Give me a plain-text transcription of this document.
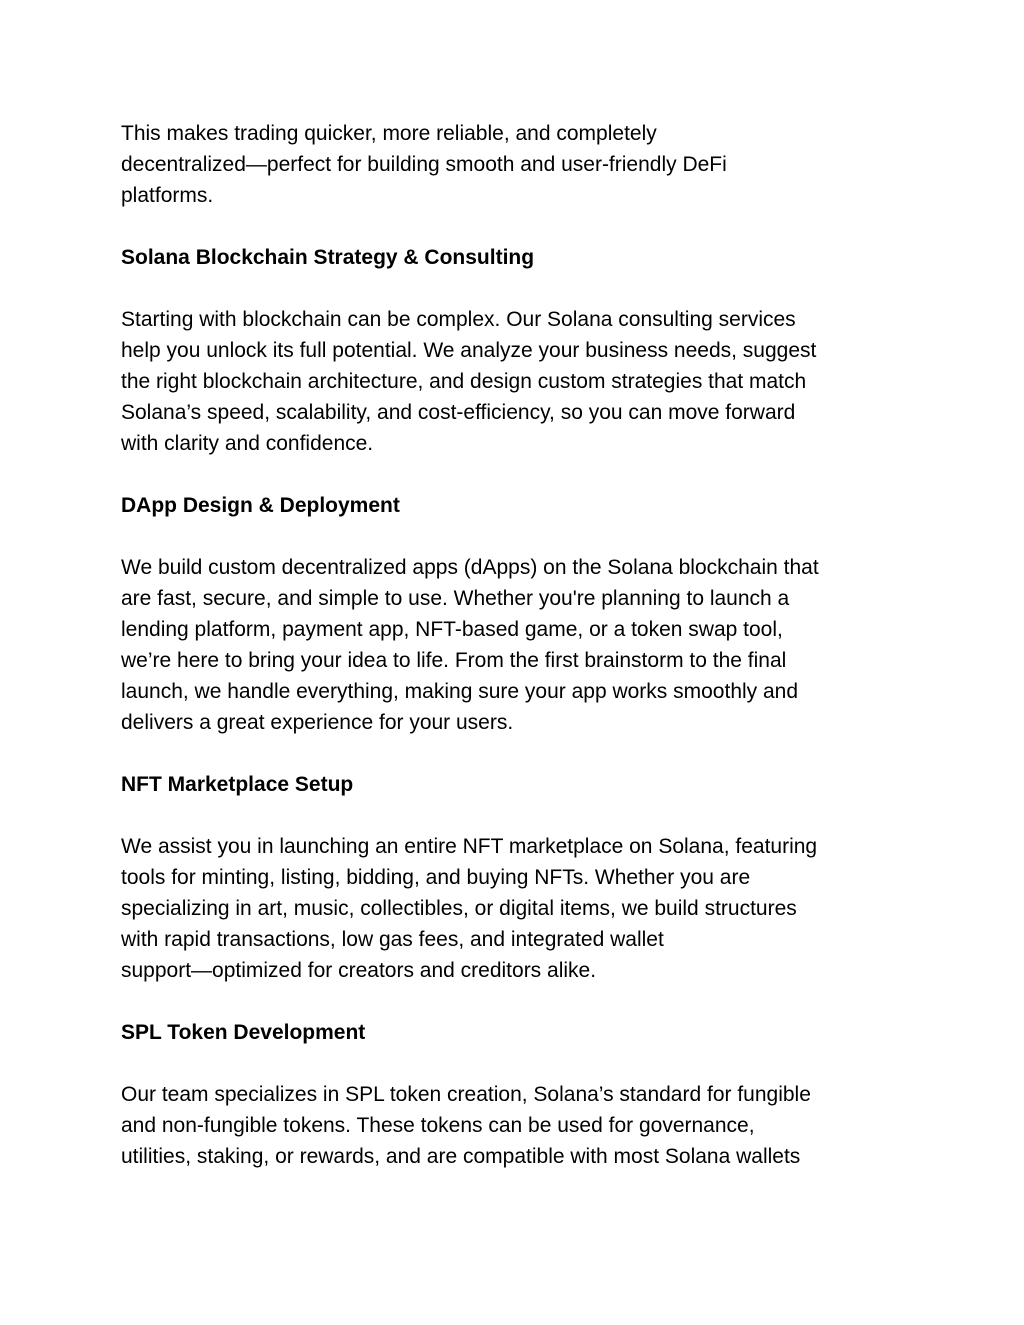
This makes trading quicker, more reliable, and completely
decentralized—perfect for building smooth and user-friendly DeFi
platforms.
Solana Blockchain Strategy & Consulting
Starting with blockchain can be complex. Our Solana consulting services
help you unlock its full potential. We analyze your business needs, suggest
the right blockchain architecture, and design custom strategies that match
Solana’s speed, scalability, and cost-efficiency, so you can move forward
with clarity and confidence.
DApp Design & Deployment
We build custom decentralized apps (dApps) on the Solana blockchain that
are fast, secure, and simple to use. Whether you're planning to launch a
lending platform, payment app, NFT-based game, or a token swap tool,
we’re here to bring your idea to life. From the first brainstorm to the final
launch, we handle everything, making sure your app works smoothly and
delivers a great experience for your users.
NFT Marketplace Setup
We assist you in launching an entire NFT marketplace on Solana, featuring
tools for minting, listing, bidding, and buying NFTs. Whether you are
specializing in art, music, collectibles, or digital items, we build structures
with rapid transactions, low gas fees, and integrated wallet
support—optimized for creators and creditors alike.
SPL Token Development
Our team specializes in SPL token creation, Solana’s standard for fungible
and non-fungible tokens. These tokens can be used for governance,
utilities, staking, or rewards, and are compatible with most Solana wallets
